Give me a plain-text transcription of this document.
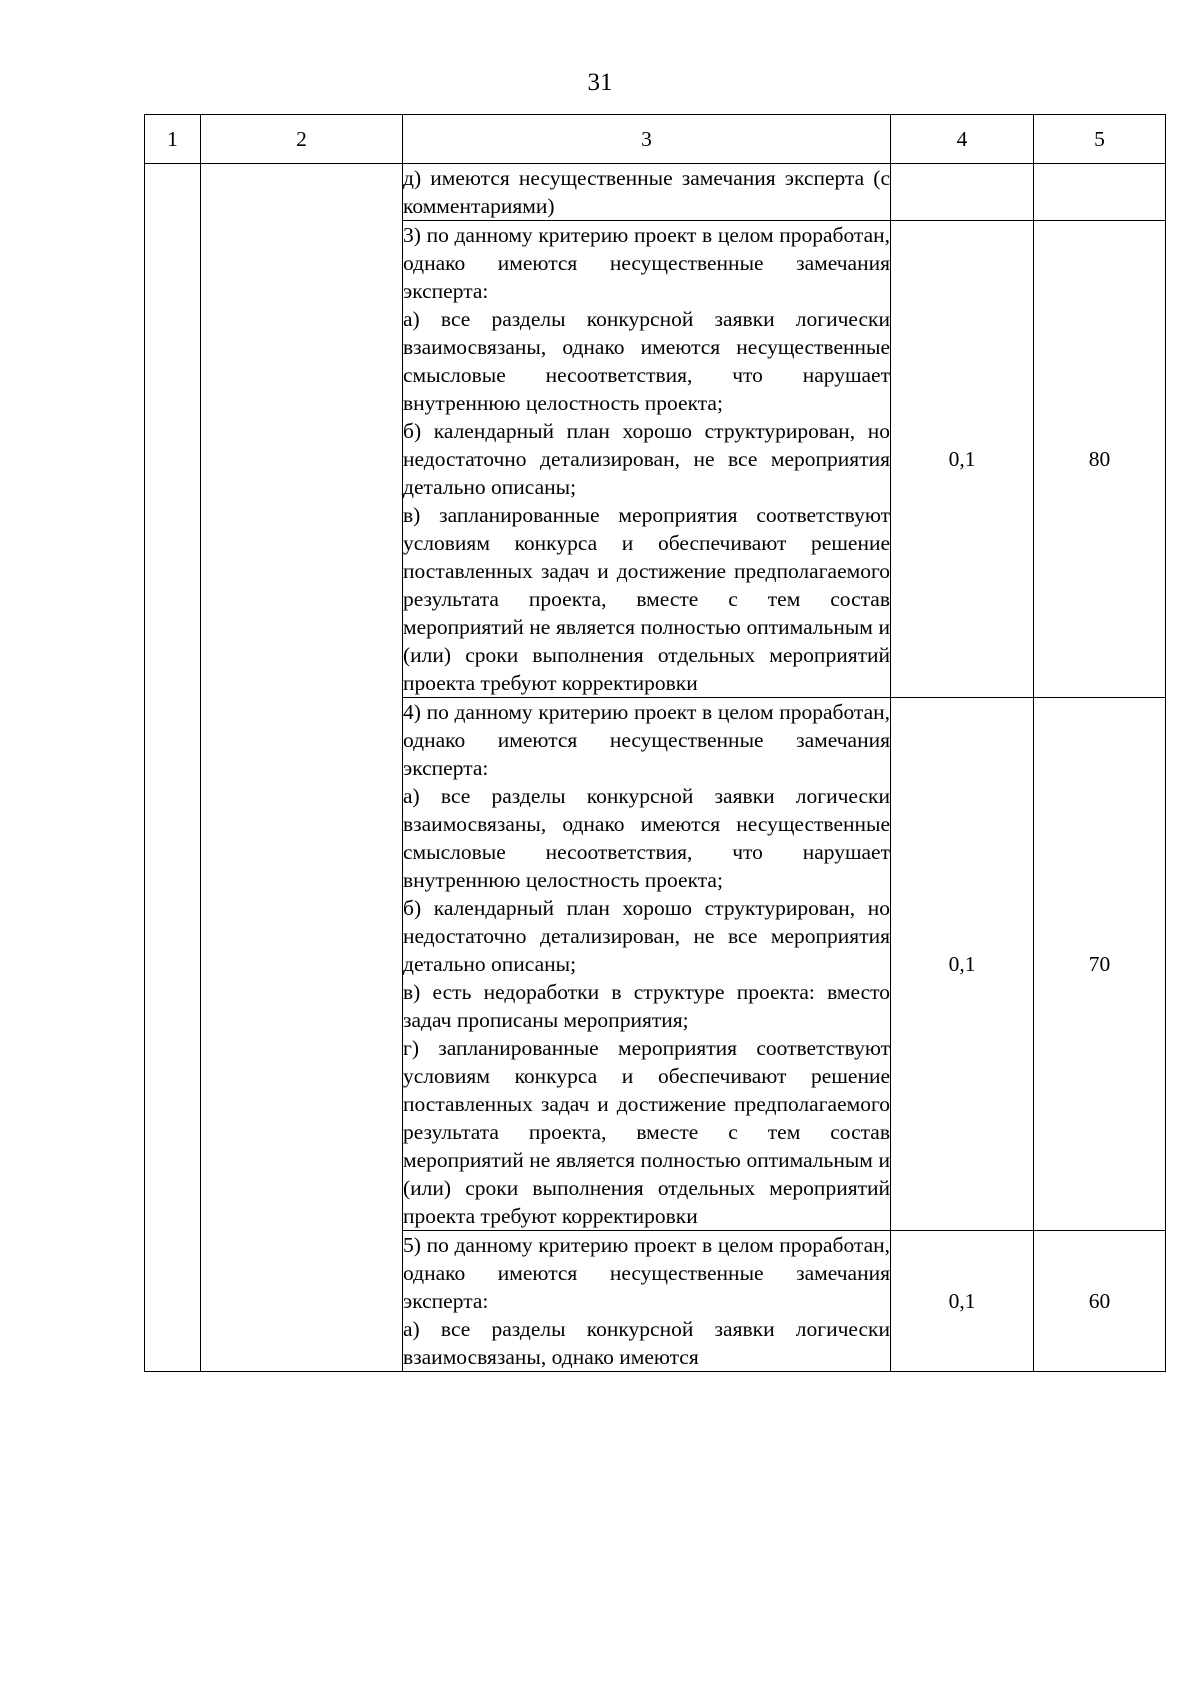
31
1	2	3	4	5

		д) имеются несущественные замечания эксперта (с комментариями)		

		3) по данному критерию проект в целом проработан, однако имеются несущественные замечания эксперта:
а) все разделы конкурсной заявки логически взаимосвязаны, однако имеются несущественные смысловые несоответствия, что нарушает внутреннюю целостность проекта;
б) календарный план хорошо структурирован, но недостаточно детализирован, не все мероприятия детально описаны;
в) запланированные мероприятия соответствуют условиям конкурса и обеспечивают решение поставленных задач и достижение предполагаемого результата проекта, вместе с тем состав мероприятий не является полностью оптимальным и (или) сроки выполнения отдельных мероприятий проекта требуют корректировки	0,1	80

		4) по данному критерию проект в целом проработан, однако имеются несущественные замечания эксперта:
а) все разделы конкурсной заявки логически взаимосвязаны, однако имеются несущественные смысловые несоответствия, что нарушает внутреннюю целостность проекта;
б) календарный план хорошо структурирован, но недостаточно детализирован, не все мероприятия детально описаны;
в) есть недоработки в структуре проекта: вместо задач прописаны мероприятия;
г) запланированные мероприятия соответствуют условиям конкурса и обеспечивают решение поставленных задач и достижение предполагаемого результата проекта, вместе с тем состав мероприятий не является полностью оптимальным и (или) сроки выполнения отдельных мероприятий проекта требуют корректировки	0,1	70

		5) по данному критерию проект в целом проработан, однако имеются несущественные замечания эксперта:
а) все разделы конкурсной заявки логически взаимосвязаны, однако имеются	0,1	60
